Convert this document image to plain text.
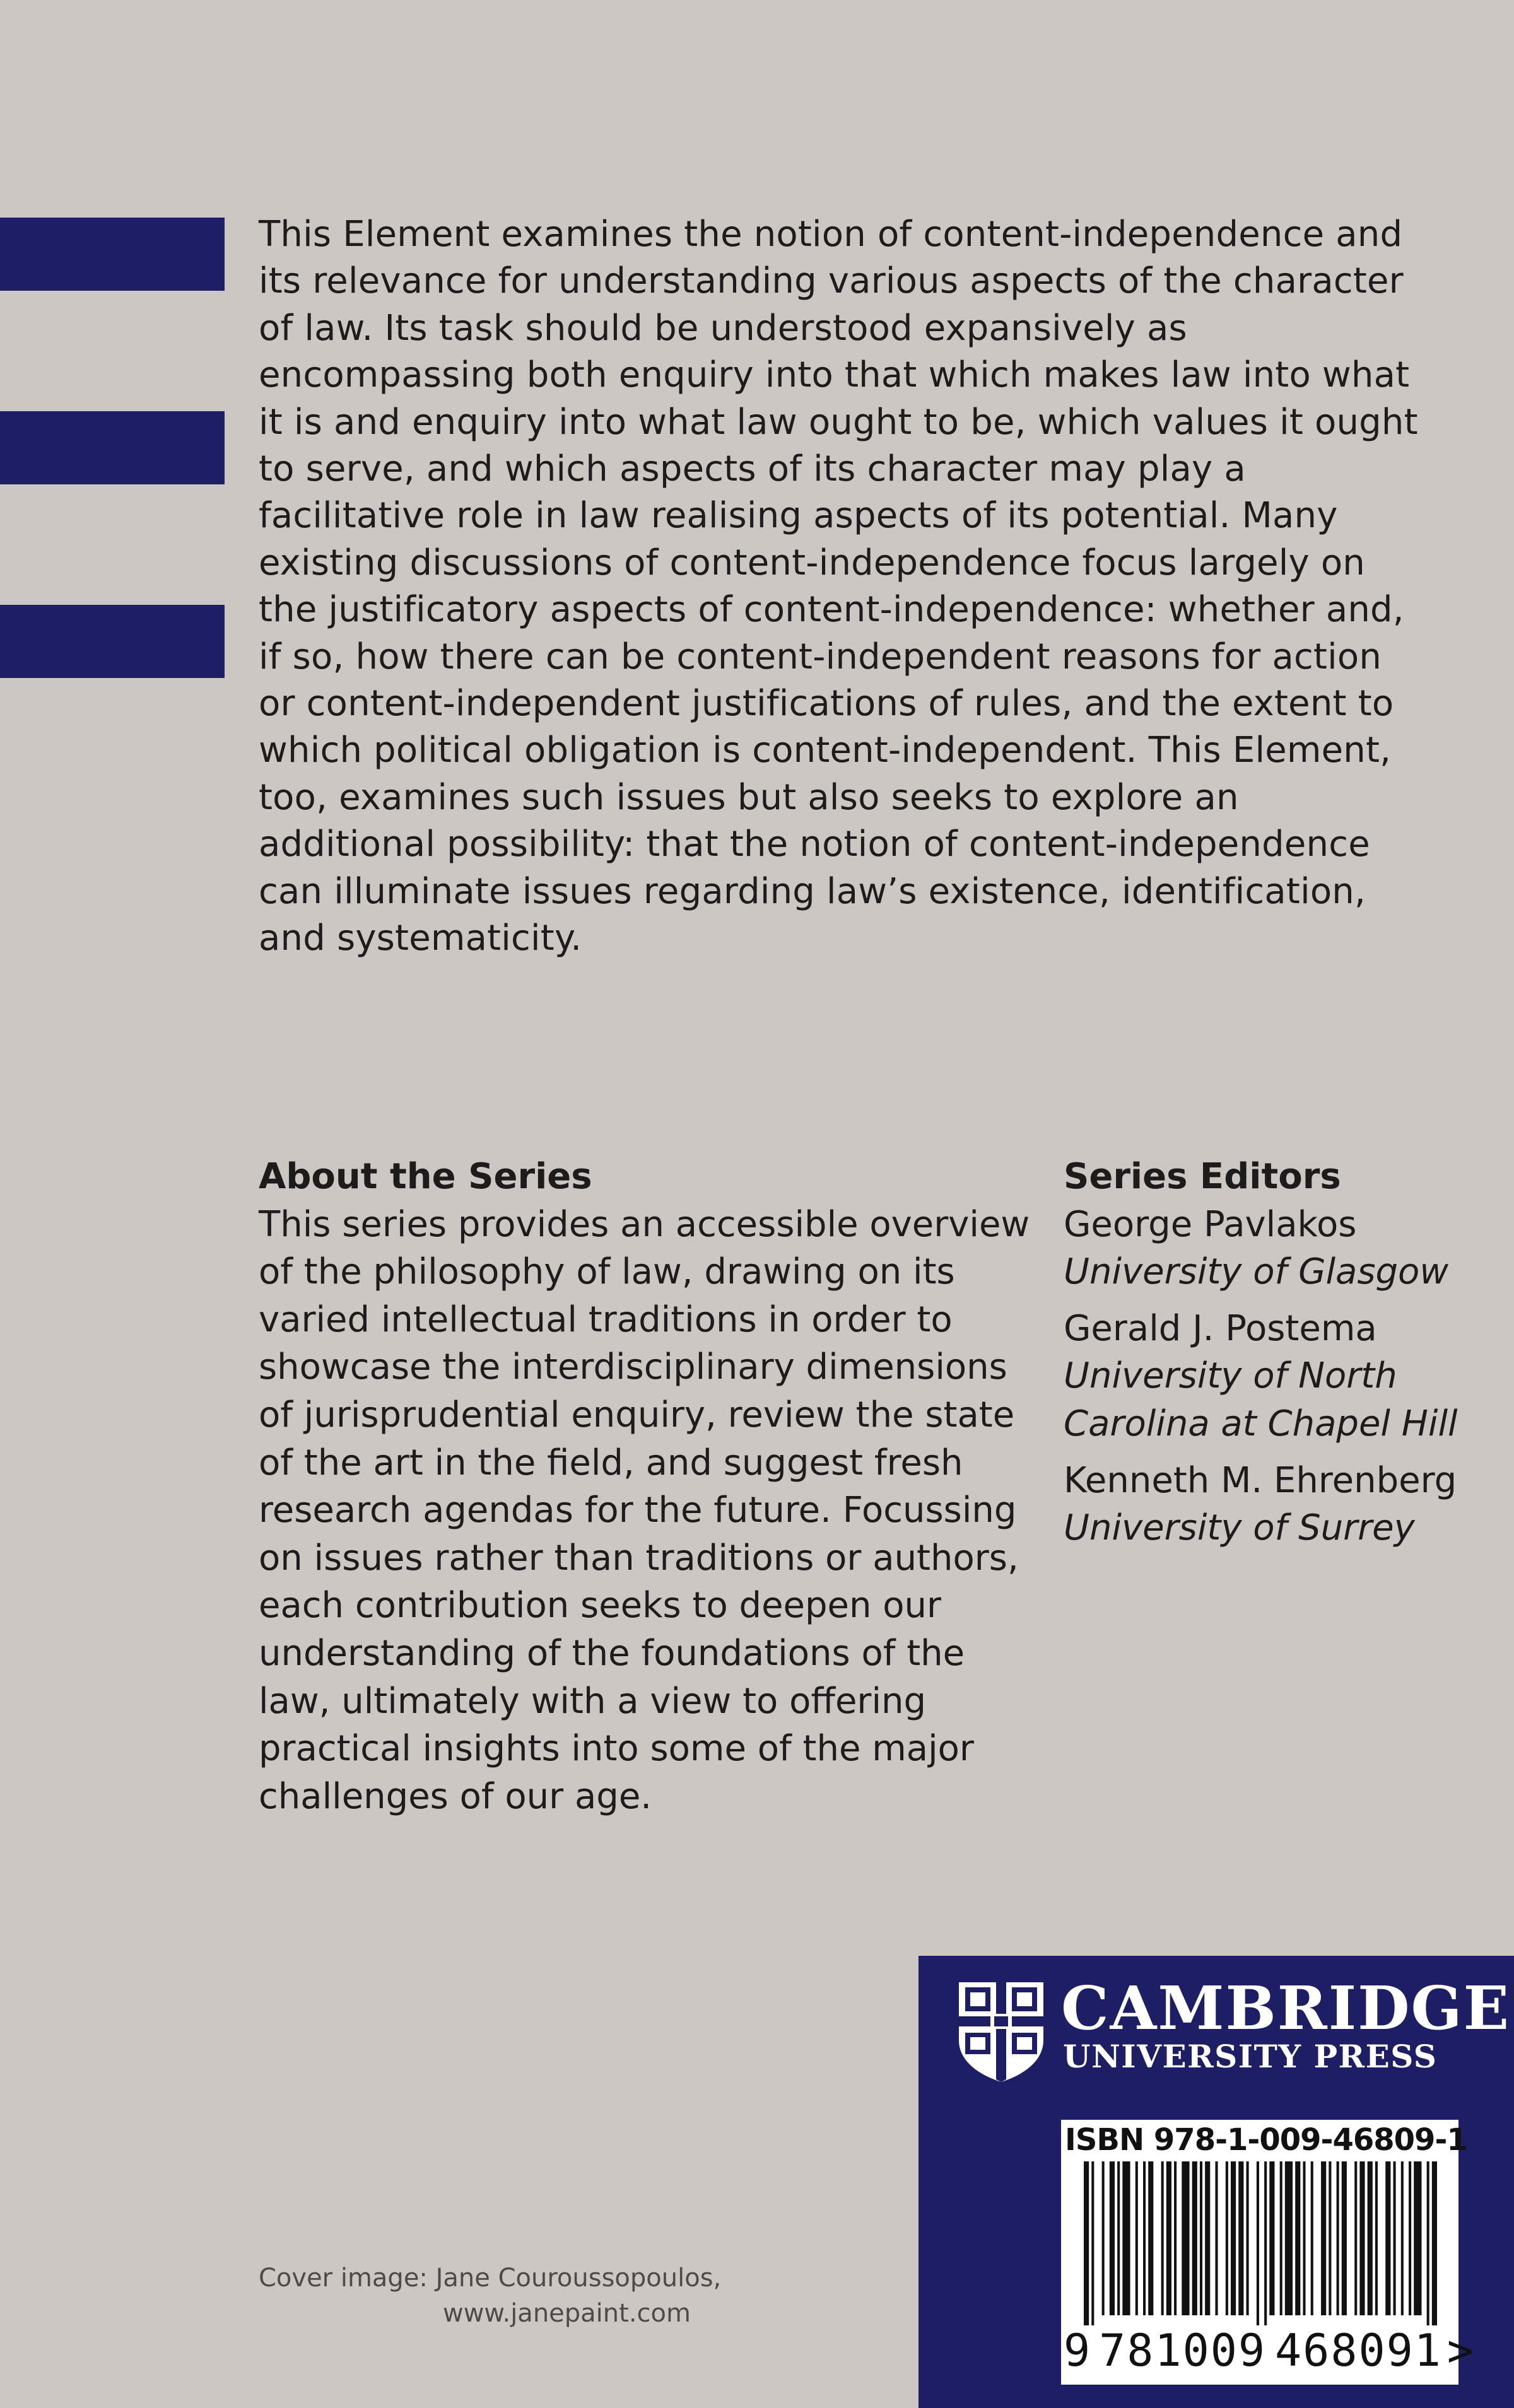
This Element examines the notion of content-independence and its relevance for understanding various aspects of the character of law. Its task should be understood expansively as encompassing both enquiry into that which makes law into what it is and enquiry into what law ought to be, which values it ought to serve, and which aspects of its character may play a facilitative role in law realising aspects of its potential. Many existing discussions of content-independence focus largely on the justificatory aspects of content-independence: whether and, if so, how there can be content-independent reasons for action or content-independent justifications of rules, and the extent to which political obligation is content-independent. This Element, too, examines such issues but also seeks to explore an additional possibility: that the notion of content-independence can illuminate issues regarding law’s existence, identification, and systematicity.

About the Series
This series provides an accessible overview of the philosophy of law, drawing on its varied intellectual traditions in order to showcase the interdisciplinary dimensions of jurisprudential enquiry, review the state of the art in the field, and suggest fresh research agendas for the future. Focussing on issues rather than traditions or authors, each contribution seeks to deepen our understanding of the foundations of the law, ultimately with a view to offering practical insights into some of the major challenges of our age.
Series Editors
George Pavlakos
University of Glasgow
Gerald J. Postema
University of North Carolina at Chapel Hill
Kenneth M. Ehrenberg
University of Surrey
Cover image: Jane Couroussopoulos,
www.janepaint.com
CAMBRIDGE
UNIVERSITY PRESS
ISBN 978-1-009-46809-1
9 781009 468091 >
